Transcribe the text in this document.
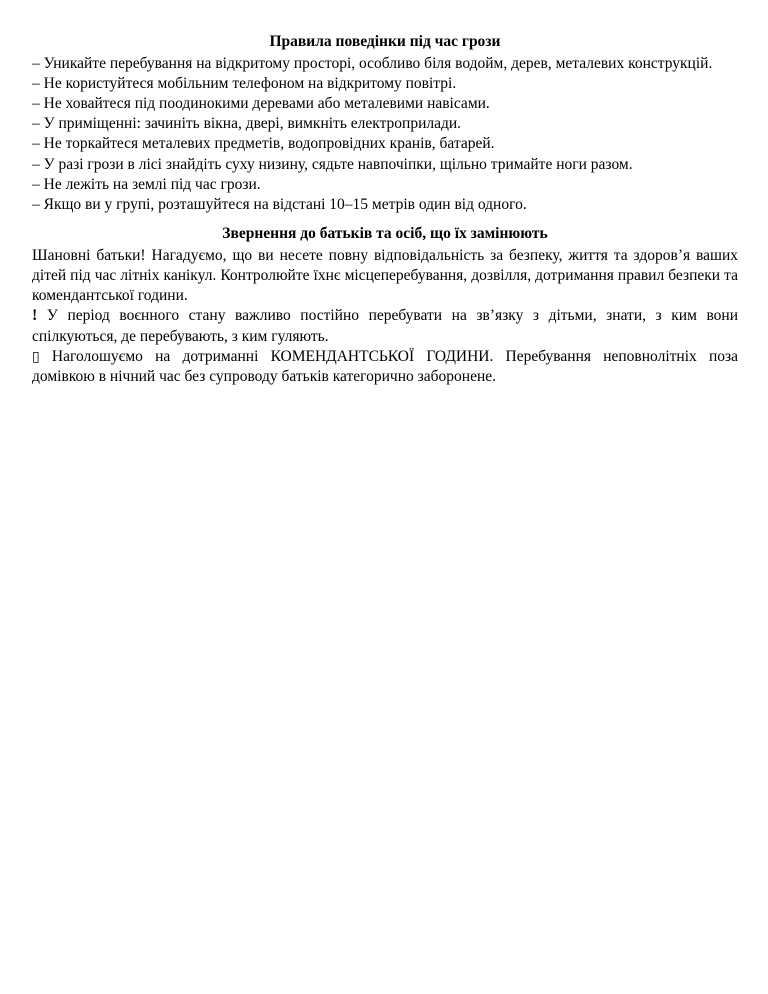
Правила поведінки під час грози
– Уникайте перебування на відкритому просторі, особливо біля водойм, дерев, металевих конструкцій.
– Не користуйтеся мобільним телефоном на відкритому повітрі.
– Не ховайтеся під поодинокими деревами або металевими навісами.
– У приміщенні: зачиніть вікна, двері, вимкніть електроприлади.
– Не торкайтеся металевих предметів, водопровідних кранів, батарей.
– У разі грози в лісі знайдіть суху низину, сядьте навпочіпки, щільно тримайте ноги разом.
– Не лежіть на землі під час грози.
– Якщо ви у групі, розташуйтеся на відстані 10–15 метрів один від одного.
Звернення до батьків та осіб, що їх замінюють

Шановні батьки! Нагадуємо, що ви несете повну відповідальність за безпеку, життя та здоров’я ваших дітей під час літніх канікул. Контролюйте їхнє місцеперебування, дозвілля, дотримання правил безпеки та комендантської години.

! У період воєнного стану важливо постійно перебувати на зв’язку з дітьми, знати, з ким вони спілкуються, де перебувають, з ким гуляють.

▯ Наголошуємо на дотриманні КОМЕНДАНТСЬКОЇ ГОДИНИ. Перебування неповнолітніх поза домівкою в нічний час без супроводу батьків категорично заборонене.
